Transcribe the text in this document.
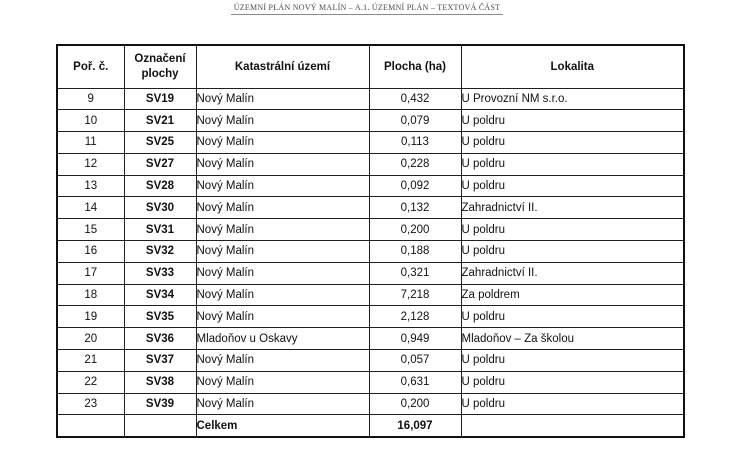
ÚZEMNÍ PLÁN NOVÝ MALÍN – A.1. ÚZEMNÍ PLÁN – TEXTOVÁ ČÁST
Poř. č.	Označení plochy	Katastrální území	Plocha (ha)	Lokalita
9	SV19	Nový Malín	0,432	U Provozní NM s.r.o.
10	SV21	Nový Malín	0,079	U poldru
11	SV25	Nový Malín	0,113	U poldru
12	SV27	Nový Malín	0,228	U poldru
13	SV28	Nový Malín	0,092	U poldru
14	SV30	Nový Malín	0,132	Zahradnictví II.
15	SV31	Nový Malín	0,200	U poldru
16	SV32	Nový Malín	0,188	U poldru
17	SV33	Nový Malín	0,321	Zahradnictví II.
18	SV34	Nový Malín	7,218	Za poldrem
19	SV35	Nový Malín	2,128	U poldru
20	SV36	Mladoňov u Oskavy	0,949	Mladoňov – Za školou
21	SV37	Nový Malín	0,057	U poldru
22	SV38	Nový Malín	0,631	U poldru
23	SV39	Nový Malín	0,200	U poldru
		Celkem	16,097	
